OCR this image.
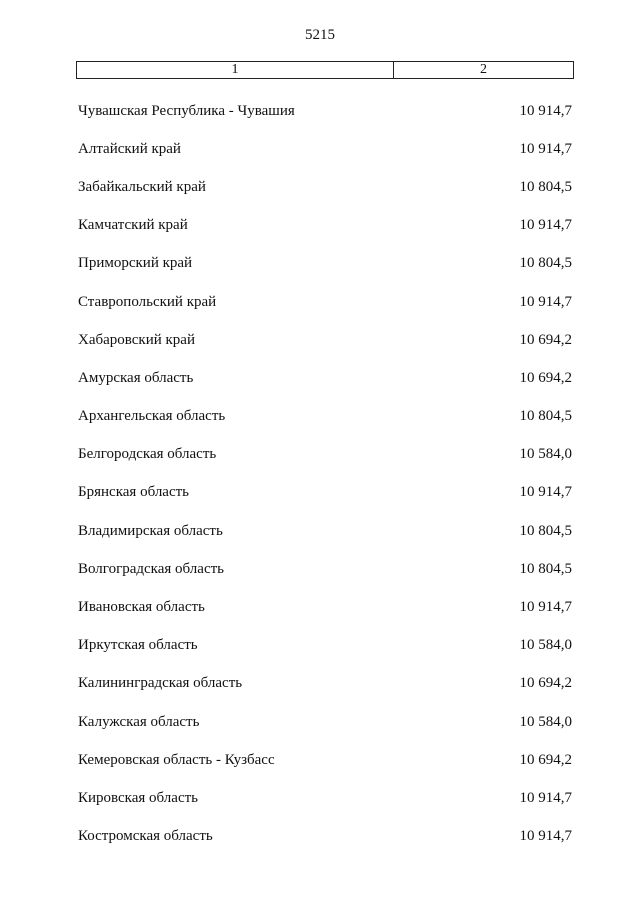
5215
1	2
Чувашская Республика - Чувашия	10 914,7
Алтайский край	10 914,7
Забайкальский край	10 804,5
Камчатский край	10 914,7
Приморский край	10 804,5
Ставропольский край	10 914,7
Хабаровский край	10 694,2
Амурская область	10 694,2
Архангельская область	10 804,5
Белгородская область	10 584,0
Брянская область	10 914,7
Владимирская область	10 804,5
Волгоградская область	10 804,5
Ивановская область	10 914,7
Иркутская область	10 584,0
Калининградская область	10 694,2
Калужская область	10 584,0
Кемеровская область - Кузбасс	10 694,2
Кировская область	10 914,7
Костромская область	10 914,7
